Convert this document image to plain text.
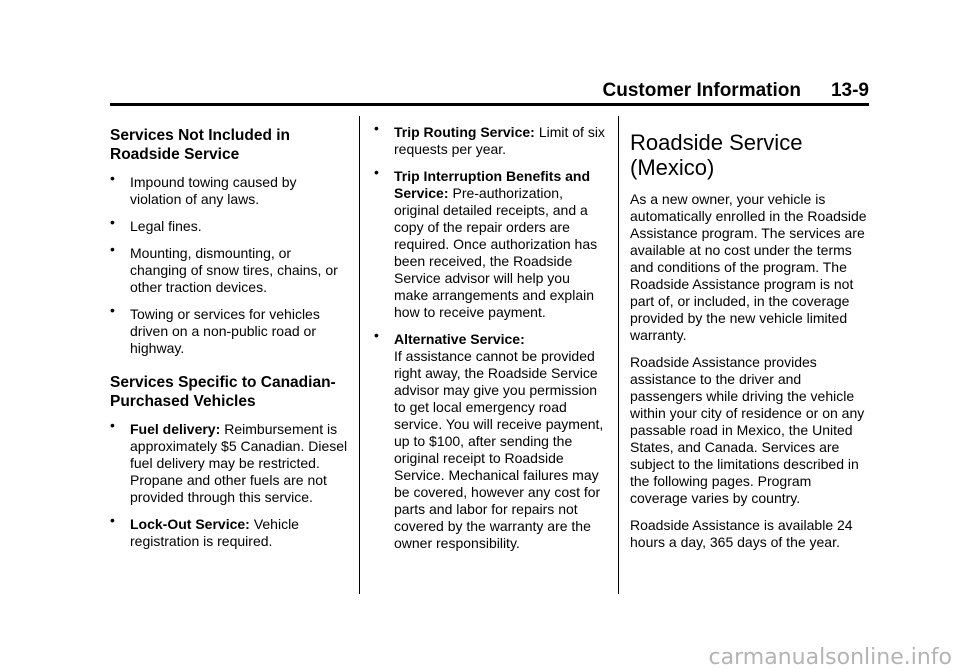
Customer Information 13-9
Services Not Included in Roadside Service
• Impound towing caused by violation of any laws.
• Legal fines.
• Mounting, dismounting, or changing of snow tires, chains, or other traction devices.
• Towing or services for vehicles driven on a non-public road or highway.
Services Specific to Canadian-Purchased Vehicles
• Fuel delivery: Reimbursement is approximately $5 Canadian. Diesel fuel delivery may be restricted. Propane and other fuels are not provided through this service.
• Lock-Out Service: Vehicle registration is required.
• Trip Routing Service: Limit of six requests per year.
• Trip Interruption Benefits and Service: Pre-authorization, original detailed receipts, and a copy of the repair orders are required. Once authorization has been received, the Roadside Service advisor will help you make arrangements and explain how to receive payment.
• Alternative Service:
If assistance cannot be provided right away, the Roadside Service advisor may give you permission to get local emergency road service. You will receive payment, up to $100, after sending the original receipt to Roadside Service. Mechanical failures may be covered, however any cost for parts and labor for repairs not covered by the warranty are the owner responsibility.
Roadside Service (Mexico)

As a new owner, your vehicle is automatically enrolled in the Roadside Assistance program. The services are available at no cost under the terms and conditions of the program. The Roadside Assistance program is not part of, or included, in the coverage provided by the new vehicle limited warranty.

Roadside Assistance provides assistance to the driver and passengers while driving the vehicle within your city of residence or on any passable road in Mexico, the United States, and Canada. Services are subject to the limitations described in the following pages. Program coverage varies by country.

Roadside Assistance is available 24 hours a day, 365 days of the year.

carmanualsonline.info
